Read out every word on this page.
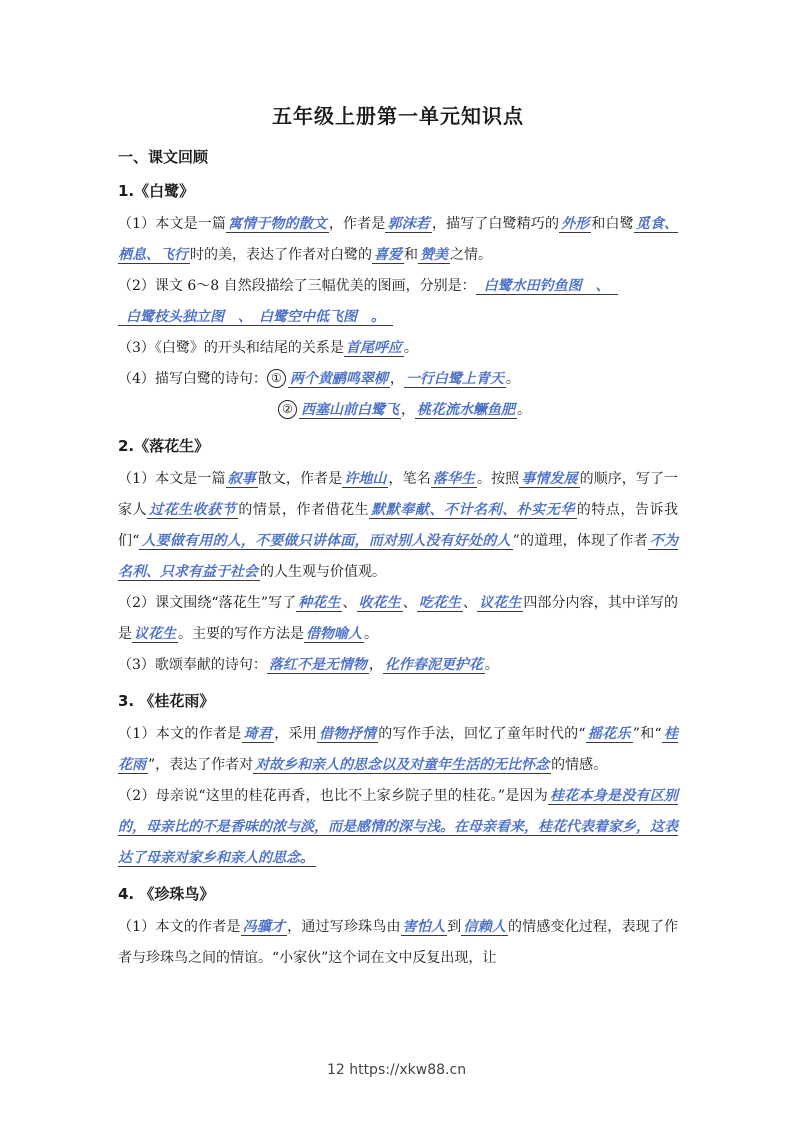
五年级上册第一单元知识点
一、课文回顾
1.《白鹭》

（1）本文是一篇 寓情于物的散文 ，作者是 郭沫若 ，描写了白鹭精巧的 外形 和白鹭 觅食、栖息、飞行 时的美，表达了作者对白鹭的 喜爱 和 赞美 之情。

（2）课文 6～8 自然段描绘了三幅优美的图画，分别是： 白鹭水田钓鱼图　、
白鹭枝头独立图　、　白鹭空中低飞图　。

（3）《白鹭》的开头和结尾的关系是 首尾呼应 。

（4）描写白鹭的诗句： ① 两个黄鹂鸣翠柳 ， 一行白鹭上青天 。

② 西塞山前白鹭飞 ， 桃花流水鳜鱼肥 。

2.《落花生》

（1）本文是一篇 叙事 散文，作者是 许地山 ，笔名 落华生 。按照 事情发展 的顺序，写了一家人 过花生收获节 的情景，作者借花生 默默奉献、不计名利、朴实无华 的特点，告诉我们“ 人要做有用的人，不要做只讲体面，而对别人没有好处的人 ”的道理，体现了作者 不为名利、只求有益于社会 的人生观与价值观。

（2）课文围绕“落花生”写了 种花生 、 收花生 、 吃花生 、 议花生 四部分内容，其中详写的是 议花生 。主要的写作方法是 借物喻人 。

（3）歌颂奉献的诗句： 落红不是无情物 ， 化作春泥更护花 。

3. 《桂花雨》

（1）本文的作者是 琦君 ，采用 借物抒情 的写作手法，回忆了童年时代的“ 摇花乐 ”和“ 桂花雨 ”，表达了作者对 对故乡和亲人的思念以及对童年生活的无比怀念 的情感。

（2）母亲说“这里的桂花再香，也比不上家乡院子里的桂花。”是因为 桂花本身是没有区别的，母亲比的不是香味的浓与淡，而是感情的深与浅。在母亲看来，桂花代表着家乡，这表达了母亲对家乡和亲人的思念。

4. 《珍珠鸟》

（1）本文的作者是 冯骥才 ，通过写珍珠鸟由 害怕人 到 信赖人 的情感变化过程，表现了作者与珍珠鸟之间的情谊。“小家伙”这个词在文中反复出现，让

12 https://xkw88.cn
